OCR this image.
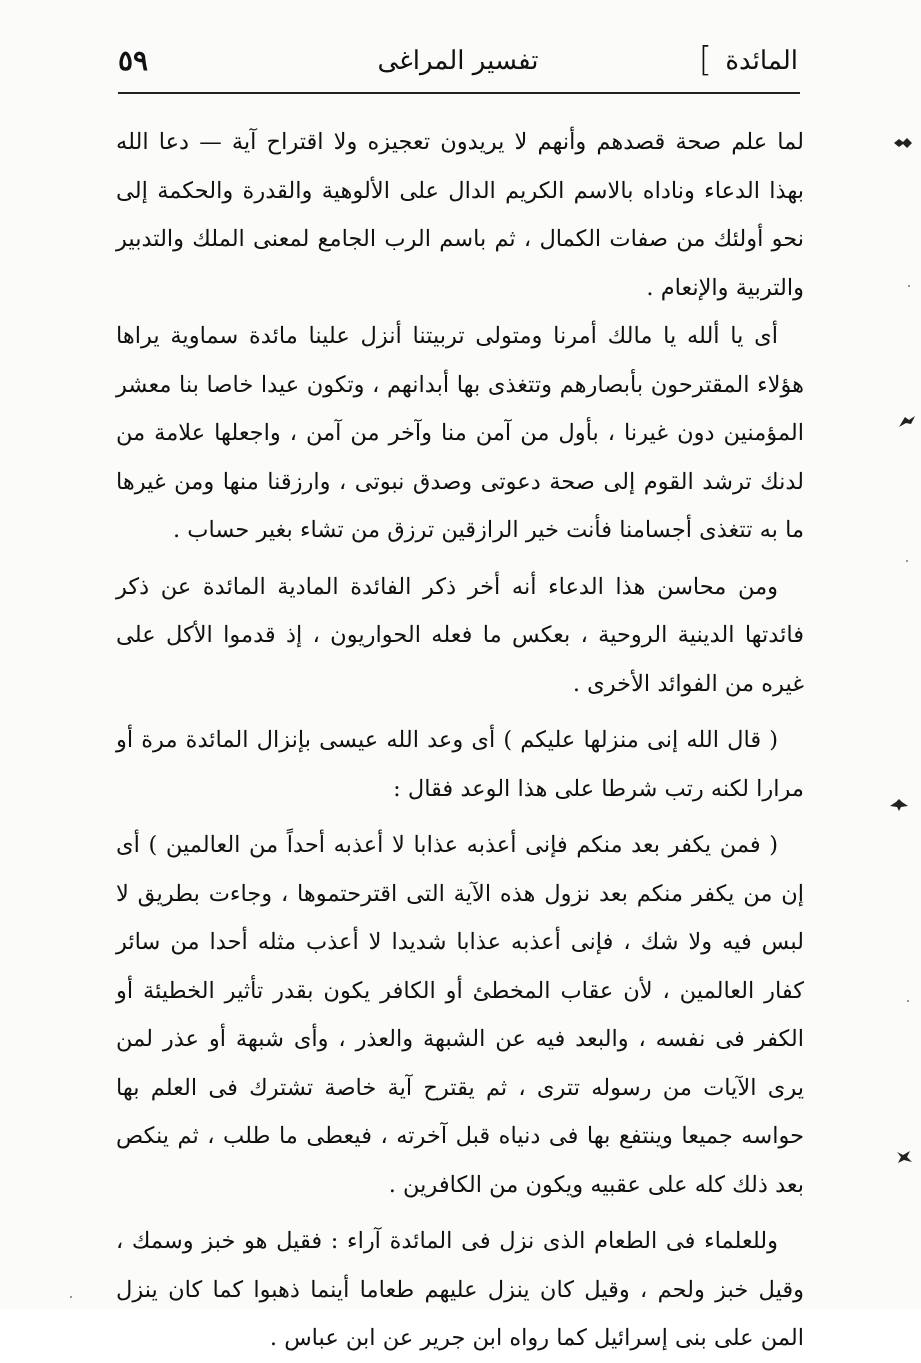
المائدة
]
تفسير المراغى
٥٩

لما علم صحة قصدهم وأنهم لا يريدون تعجيزه ولا اقتراح آية — دعا الله بهذا الدعاء وناداه بالاسم الكريم الدال على الألوهية والقدرة والحكمة إلى نحو أولئك من صفات الكمال ، ثم باسم الرب الجامع لمعنى الملك والتدبير والتربية والإنعام .

أى يا ألله يا مالك أمرنا ومتولى تربيتنا أنزل علينا مائدة سماوية يراها هؤلاء المقترحون بأبصارهم وتتغذى بها أبدانهم ، وتكون عيدا خاصا بنا معشر المؤمنين دون غيرنا ، بأول من آمن منا وآخر من آمن ، واجعلها علامة من لدنك ترشد القوم إلى صحة دعوتى وصدق نبوتى ، وارزقنا منها ومن غيرها ما به تتغذى أجسامنا فأنت خير الرازقين ترزق من تشاء بغير حساب .

ومن محاسن هذا الدعاء أنه أخر ذكر الفائدة المادية المائدة عن ذكر فائدتها الدينية الروحية ، بعكس ما فعله الحواريون ، إذ قدموا الأكل على غيره من الفوائد الأخرى .

( قال الله إنى منزلها عليكم ) أى وعد الله عيسى بإنزال المائدة مرة أو مرارا لكنه رتب شرطا على هذا الوعد فقال :

( فمن يكفر بعد منكم فإنى أعذبه عذابا لا أعذبه أحداً من العالمين ) أى إن من يكفر منكم بعد نزول هذه الآية التى اقترحتموها ، وجاءت بطريق لا لبس فيه ولا شك ، فإنى أعذبه عذابا شديدا لا أعذب مثله أحدا من سائر كفار العالمين ، لأن عقاب المخطئ أو الكافر يكون بقدر تأثير الخطيئة أو الكفر فى نفسه ، والبعد فيه عن الشبهة والعذر ، وأى شبهة أو عذر لمن يرى الآيات من رسوله تترى ، ثم يقترح آية خاصة تشترك فى العلم بها حواسه جميعا وينتفع بها فى دنياه قبل آخرته ، فيعطى ما طلب ، ثم ينكص بعد ذلك كله على عقبيه ويكون من الكافرين .

وللعلماء فى الطعام الذى نزل فى المائدة آراء : فقيل هو خبز وسمك ، وقيل خبز ولحم ، وقيل كان ينزل عليهم طعاما أينما ذهبوا كما كان ينزل المن على بنى إسرائيل كما رواه ابن جرير عن ابن عباس .
